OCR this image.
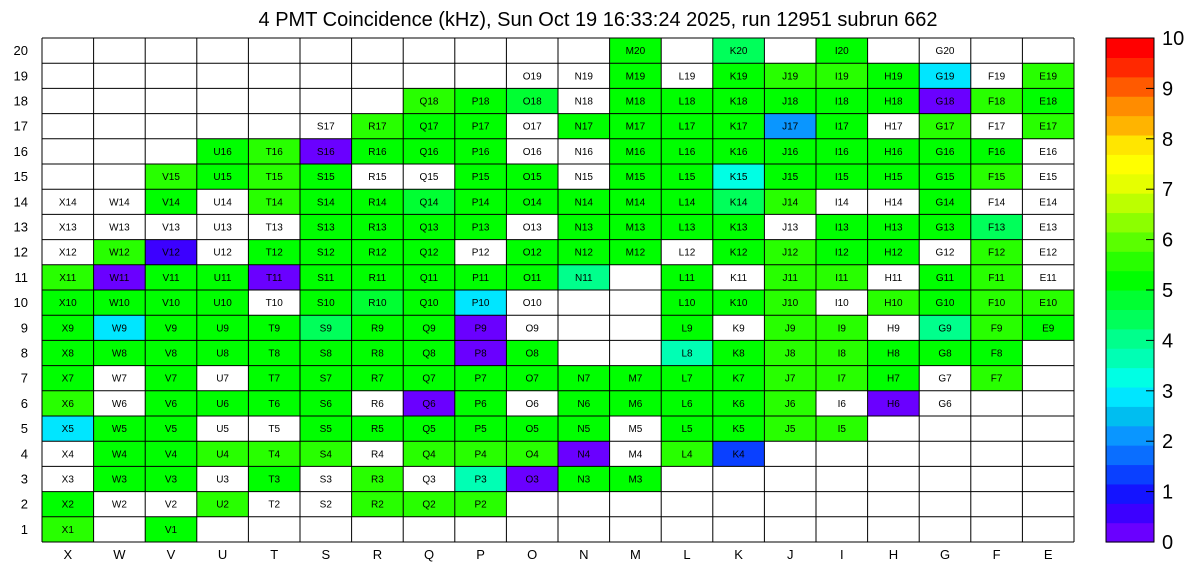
4 PMT Coincidence (kHz), Sun Oct 19 16:33:24 2025, run 12951 subrun 662
M20	K20	I20	G20
O19	N19	M19	L19	K19	J19	I19	H19	G19	F19	E19
Q18	P18	O18	N18	M18	L18	K18	J18	I18	H18	G18	F18	E18
S17	R17	Q17	P17	O17	N17	M17	L17	K17	J17	I17	H17	G17	F17	E17
U16	T16	S16	R16	Q16	P16	O16	N16	M16	L16	K16	J16	I16	H16	G16	F16	E16
V15	U15	T15	S15	R15	Q15	P15	O15	N15	M15	L15	K15	J15	I15	H15	G15	F15	E15
X14	W14	V14	U14	T14	S14	R14	Q14	P14	O14	N14	M14	L14	K14	J14	I14	H14	G14	F14	E14
X13	W13	V13	U13	T13	S13	R13	Q13	P13	O13	N13	M13	L13	K13	J13	I13	H13	G13	F13	E13
X12	W12	V12	U12	T12	S12	R12	Q12	P12	O12	N12	M12	L12	K12	J12	I12	H12	G12	F12	E12
X11	W11	V11	U11	T11	S11	R11	Q11	P11	O11	N11	L11	K11	J11	I11	H11	G11	F11	E11
X10	W10	V10	U10	T10	S10	R10	Q10	P10	O10	L10	K10	J10	I10	H10	G10	F10	E10
X9	W9	V9	U9	T9	S9	R9	Q9	P9	O9	L9	K9	J9	I9	H9	G9	F9	E9
X8	W8	V8	U8	T8	S8	R8	Q8	P8	O8	L8	K8	J8	I8	H8	G8	F8
X7	W7	V7	U7	T7	S7	R7	Q7	P7	O7	N7	M7	L7	K7	J7	I7	H7	G7	F7
X6	W6	V6	U6	T6	S6	R6	Q6	P6	O6	N6	M6	L6	K6	J6	I6	H6	G6
X5	W5	V5	U5	T5	S5	R5	Q5	P5	O5	N5	M5	L5	K5	J5	I5
X4	W4	V4	U4	T4	S4	R4	Q4	P4	O4	N4	M4	L4	K4
X3	W3	V3	U3	T3	S3	R3	Q3	P3	O3	N3	M3
X2	W2	V2	U2	T2	S2	R2	Q2	P2
X1	V1
X	W	V	U	T	S	R	Q	P	O	N	M	L	K	J	I	H	G	F	E
1
2
3
4
5
6
7
8
9
10
11
12
13
14
15
16
17
18
19
20
0
1
2
3
4
5
6
7
8
9
10
